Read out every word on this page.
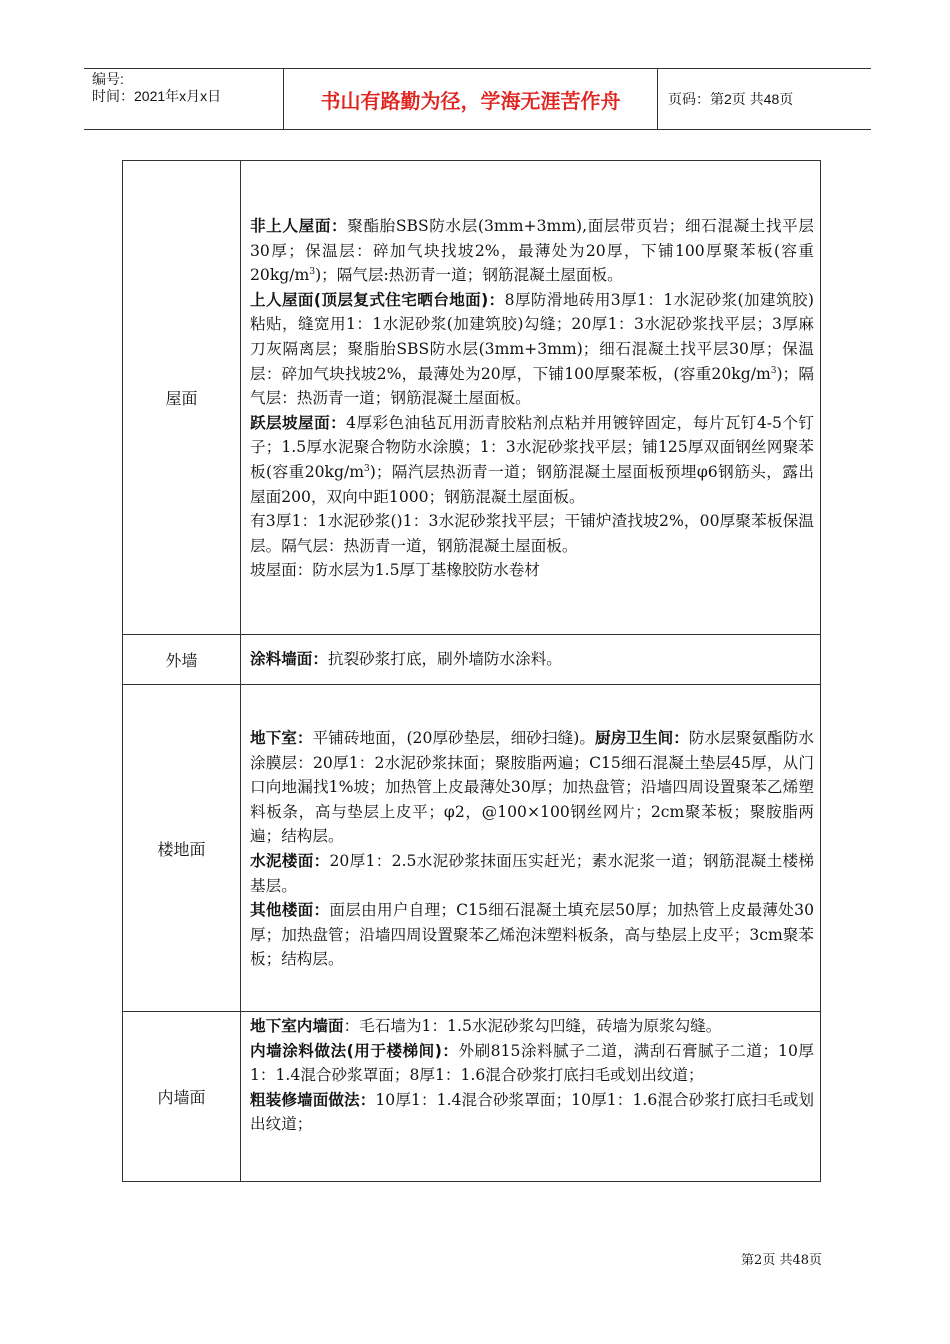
编号:
时间：2021年x月x日	书山有路勤为径，学海无涯苦作舟	页码：第2页 共48页
屋面	非上人屋面：聚酯胎SBS防水层(3mm+3mm),面层带页岩；细石混凝土找平层30厚；保温层：碎加气块找坡2%，最薄处为20厚，下铺100厚聚苯板(容重$20kg/m^3$)；隔气层:热沥青一道；钢筋混凝土屋面板。

上人屋面(顶层复式住宅晒台地面)：8厚防滑地砖用3厚1：1水泥砂浆(加建筑胶)粘贴，缝宽用1：1水泥砂浆(加建筑胶)勾缝；20厚1：3水泥砂浆找平层；3厚麻刀灰隔离层；聚脂胎SBS防水层(3mm+3mm)；细石混凝土找平层30厚；保温层：碎加气块找坡2%，最薄处为20厚，下铺100厚聚苯板，(容重$20kg/m^3$)；隔气层：热沥青一道；钢筋混凝土屋面板。

跃层坡屋面：4厚彩色油毡瓦用沥青胶粘剂点粘并用镀锌固定，每片瓦钉4-5个钉子；1.5厚水泥聚合物防水涂膜；1：3水泥砂浆找平层；铺125厚双面钢丝网聚苯板(容重$20kg/m^3$)；隔汽层热沥青一道；钢筋混凝土屋面板预埋φ6钢筋头，露出屋面200，双向中距1000；钢筋混凝土屋面板。

有3厚1：1水泥砂浆()1：3水泥砂浆找平层；干铺炉渣找坡2%，00厚聚苯板保温层。隔气层：热沥青一道，钢筋混凝土屋面板。

坡屋面：防水层为1.5厚丁基橡胶防水卷材

外墙	涂料墙面：抗裂砂浆打底，刷外墙防水涂料。

楼地面	地下室：平铺砖地面，(20厚砂垫层，细砂扫缝)。厨房卫生间：防水层聚氨酯防水涂膜层：20厚1：2水泥砂浆抹面；聚胺脂两遍；C15细石混凝土垫层45厚，从门口向地漏找1%坡；加热管上皮最薄处30厚；加热盘管；沿墙四周设置聚苯乙烯塑料板条，高与垫层上皮平；φ2，@100×100钢丝网片；2cm聚苯板；聚胺脂两遍；结构层。

水泥楼面：20厚1：2.5水泥砂浆抹面压实赶光；素水泥浆一道；钢筋混凝土楼梯基层。

其他楼面：面层由用户自理；C15细石混凝土填充层50厚；加热管上皮最薄处30厚；加热盘管；沿墙四周设置聚苯乙烯泡沫塑料板条，高与垫层上皮平；3cm聚苯板；结构层。

内墙面	地下室内墙面：毛石墙为1：1.5水泥砂浆勾凹缝，砖墙为原浆勾缝。

内墙涂料做法(用于楼梯间)：外刷815涂料腻子二道，满刮石膏腻子二道；10厚1：1.4混合砂浆罩面；8厚1：1.6混合砂浆打底扫毛或划出纹道；

粗装修墙面做法：10厚1：1.4混合砂浆罩面；10厚1：1.6混合砂浆打底扫毛或划出纹道；

第2页 共48页
